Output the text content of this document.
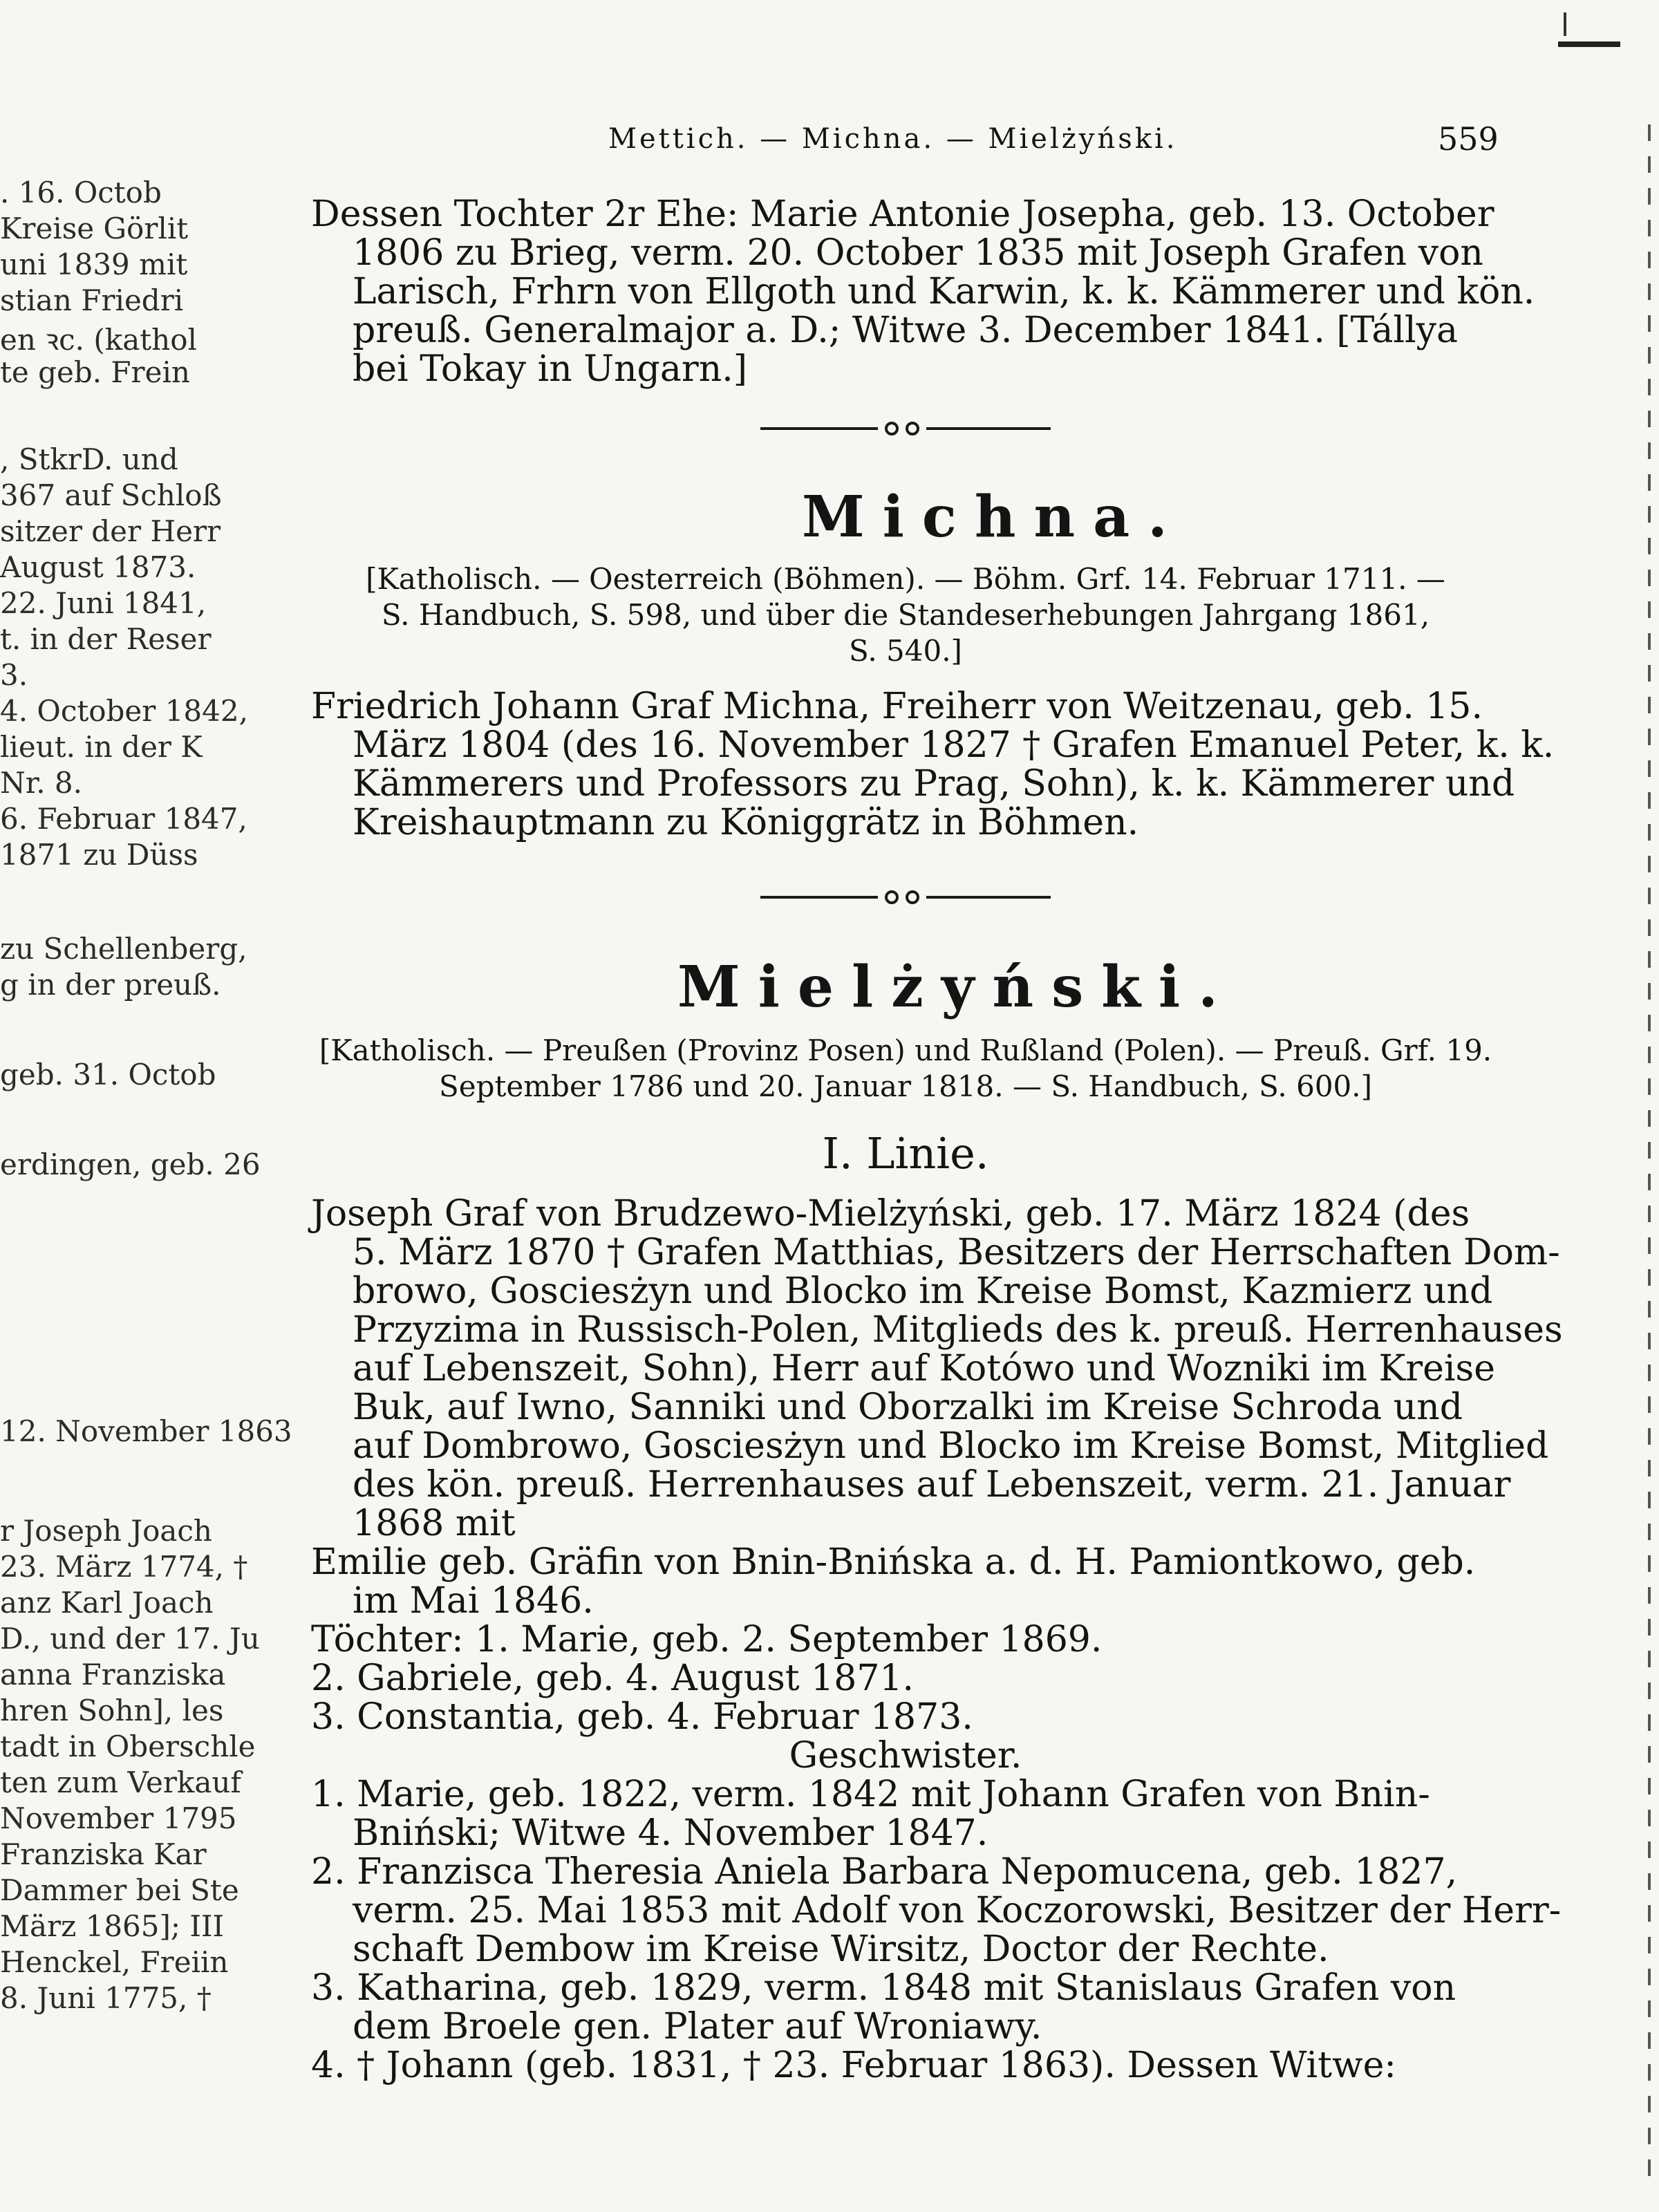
. 16. Octob
Kreise Görlit
uni 1839 mit
stian Friedri
en ꝛc. (kathol
te geb. Frein
, StkrD. und
367 auf Schloß
sitzer der Herr
August 1873.
22. Juni 1841,
t. in der Reser
3.
4. October 1842,
lieut. in der K
Nr. 8.
6. Februar 1847,
1871 zu Düss
zu Schellenberg,
g in der preuß.
geb. 31. Octob
erdingen, geb. 26
12. November 1863
r Joseph Joach
23. März 1774, †
anz Karl Joach
D., und der 17. Ju
anna Franziska
hren Sohn], les
tadt in Oberschle
ten zum Verkauf
November 1795
Franziska Kar
Dammer bei Ste
März 1865]; III
Henckel, Freiin
8. Juni 1775, †
Mettich. — Michna. — Mielżyński.	559
Dessen Tochter 2r Ehe: Marie Antonie Josepha, geb. 13. October
1806 zu Brieg, verm. 20. October 1835 mit Joseph Grafen von
Larisch, Frhrn von Ellgoth und Karwin, k. k. Kämmerer und kön.
preuß. Generalmajor a. D.; Witwe 3. December 1841. [Tállya
bei Tokay in Ungarn.]
Michna.
[Katholisch. — Oesterreich (Böhmen). — Böhm. Grf. 14. Februar 1711. —
S. Handbuch, S. 598, und über die Standeserhebungen Jahrgang 1861,
S. 540.]
Friedrich Johann Graf Michna, Freiherr von Weitzenau, geb. 15.
März 1804 (des 16. November 1827 † Grafen Emanuel Peter, k. k.
Kämmerers und Professors zu Prag, Sohn), k. k. Kämmerer und
Kreishauptmann zu Königgrätz in Böhmen.
Mielżyński.
[Katholisch. — Preußen (Provinz Posen) und Rußland (Polen). — Preuß. Grf. 19.
September 1786 und 20. Januar 1818. — S. Handbuch, S. 600.]
I. Linie.
Joseph Graf von Brudzewo-Mielżyński, geb. 17. März 1824 (des
5. März 1870 † Grafen Matthias, Besitzers der Herrschaften Dom-
browo, Gosciesżyn und Blocko im Kreise Bomst, Kazmierz und
Przyzima in Russisch-Polen, Mitglieds des k. preuß. Herrenhauses
auf Lebenszeit, Sohn), Herr auf Kotówo und Wozniki im Kreise
Buk, auf Iwno, Sanniki und Oborzalki im Kreise Schroda und
auf Dombrowo, Gosciesżyn und Blocko im Kreise Bomst, Mitglied
des kön. preuß. Herrenhauses auf Lebenszeit, verm. 21. Januar
1868 mit
Emilie geb. Gräfin von Bnin-Bnińska a. d. H. Pamiontkowo, geb.
im Mai 1846.
Töchter: 1. Marie, geb. 2. September 1869.
2. Gabriele, geb. 4. August 1871.
3. Constantia, geb. 4. Februar 1873.
Geschwister.
1. Marie, geb. 1822, verm. 1842 mit Johann Grafen von Bnin-
Bniński; Witwe 4. November 1847.
2. Franzisca Theresia Aniela Barbara Nepomucena, geb. 1827,
verm. 25. Mai 1853 mit Adolf von Koczorowski, Besitzer der Herr-
schaft Dembow im Kreise Wirsitz, Doctor der Rechte.
3. Katharina, geb. 1829, verm. 1848 mit Stanislaus Grafen von
dem Broele gen. Plater auf Wroniawy.
4. † Johann (geb. 1831, † 23. Februar 1863). Dessen Witwe:
